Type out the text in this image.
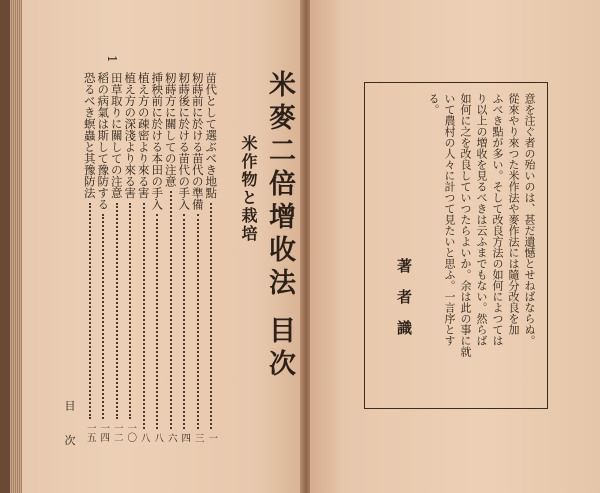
1

米麥二倍增收法 目次
米作物と栽培
苗代として選ぶべき地點
一
籾蒔前に於ける苗代の準備
三
籾蒔後に於ける苗代の手入
四
籾蒔方に關しての注意
六
挿秧前に於ける本田の手入
八
植え方の疎密より來る害
八
植え方の深淺より來る害
一〇
田草取りに關しての注意
一二
稻の病氣は斯して豫防する
一四
恐るべき螟蟲と其豫防法
一五

目 次

意を注ぐ者の殆いのは、甚だ遺憾とせねばならぬ。
從來やり來つた米作法や麥作法には隨分改良を加
ふべき點が多い。そして改良方法の如何によつては
り以上の増收を見るべきは云ふまでもない。然らば
如何に之を改良していつたらよいか。余は此の事に就
いて農村の人々に計つて見たいと思ふ。一言序とす
る。

著者識
